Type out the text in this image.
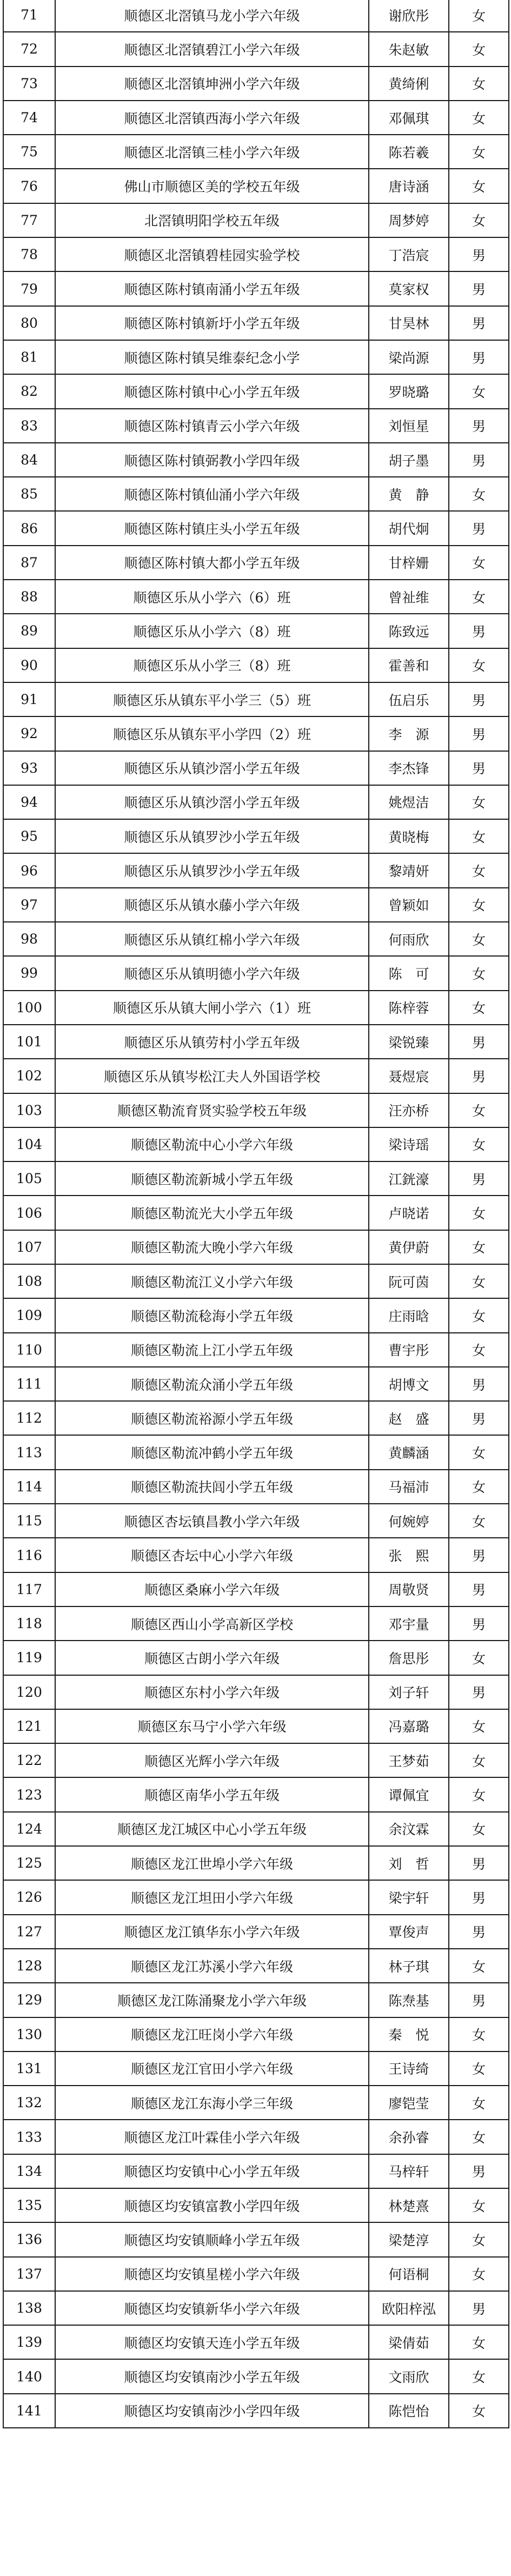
71	顺德区北滘镇马龙小学六年级	谢欣彤	女
72	顺德区北滘镇碧江小学六年级	朱赵敏	女
73	顺德区北滘镇坤洲小学六年级	黄绮俐	女
74	顺德区北滘镇西海小学六年级	邓佩琪	女
75	顺德区北滘镇三桂小学六年级	陈若羲	女
76	佛山市顺德区美的学校五年级	唐诗涵	女
77	北滘镇明阳学校五年级	周梦婷	女
78	顺德区北滘镇碧桂园实验学校	丁浩宸	男
79	顺德区陈村镇南涌小学五年级	莫家权	男
80	顺德区陈村镇新圩小学五年级	甘昊林	男
81	顺德区陈村镇吴维泰纪念小学	梁尚源	男
82	顺德区陈村镇中心小学五年级	罗晓璐	女
83	顺德区陈村镇青云小学六年级	刘恒星	男
84	顺德区陈村镇弼教小学四年级	胡子墨	男
85	顺德区陈村镇仙涌小学六年级	黄　静	女
86	顺德区陈村镇庄头小学五年级	胡代炯	男
87	顺德区陈村镇大都小学五年级	甘梓姗	女
88	顺德区乐从小学六（6）班	曾祉维	女
89	顺德区乐从小学六（8）班	陈致远	男
90	顺德区乐从小学三（8）班	霍善和	女
91	顺德区乐从镇东平小学三（5）班	伍启乐	男
92	顺德区乐从镇东平小学四（2）班	李　源	男
93	顺德区乐从镇沙滘小学五年级	李杰锋	男
94	顺德区乐从镇沙滘小学五年级	姚煜洁	女
95	顺德区乐从镇罗沙小学五年级	黄晓梅	女
96	顺德区乐从镇罗沙小学五年级	黎靖妍	女
97	顺德区乐从镇水藤小学六年级	曾颖如	女
98	顺德区乐从镇红棉小学六年级	何雨欣	女
99	顺德区乐从镇明德小学六年级	陈　可	女
100	顺德区乐从镇大闸小学六（1）班	陈梓蓉	女
101	顺德区乐从镇劳村小学五年级	梁锐臻	男
102	顺德区乐从镇岑松江夫人外国语学校	聂煜宸	男
103	顺德区勒流育贤实验学校五年级	汪亦桥	女
104	顺德区勒流中心小学六年级	梁诗瑶	女
105	顺德区勒流新城小学五年级	江銧濠	男
106	顺德区勒流光大小学五年级	卢晓诺	女
107	顺德区勒流大晚小学六年级	黄伊蔚	女
108	顺德区勒流江义小学六年级	阮可茵	女
109	顺德区勒流稔海小学五年级	庄雨晗	女
110	顺德区勒流上江小学五年级	曹宇彤	女
111	顺德区勒流众涌小学五年级	胡博文	男
112	顺德区勒流裕源小学五年级	赵　盛	男
113	顺德区勒流冲鹤小学五年级	黄麟涵	女
114	顺德区勒流扶闾小学五年级	马福沛	女
115	顺德区杏坛镇昌教小学六年级	何婉婷	女
116	顺德区杏坛中心小学六年级	张　熙	男
117	顺德区桑麻小学六年级	周敬贤	男
118	顺德区西山小学高新区学校	邓宇量	男
119	顺德区古朗小学六年级	詹思彤	女
120	顺德区东村小学六年级	刘子轩	男
121	顺德区东马宁小学六年级	冯嘉璐	女
122	顺德区光辉小学六年级	王梦茹	女
123	顺德区南华小学五年级	谭佩宜	女
124	顺德区龙江城区中心小学五年级	余汶霖	女
125	顺德区龙江世埠小学六年级	刘　哲	男
126	顺德区龙江坦田小学六年级	梁宇轩	男
127	顺德区龙江镇华东小学六年级	覃俊声	男
128	顺德区龙江苏溪小学六年级	林子琪	女
129	顺德区龙江陈涌聚龙小学六年级	陈焘基	男
130	顺德区龙江旺岗小学六年级	秦　悦	女
131	顺德区龙江官田小学六年级	王诗绮	女
132	顺德区龙江东海小学三年级	廖铠莹	女
133	顺德区龙江叶霖佳小学六年级	余孙睿	女
134	顺德区均安镇中心小学五年级	马梓轩	男
135	顺德区均安镇富教小学四年级	林楚熹	女
136	顺德区均安镇顺峰小学五年级	梁楚淳	女
137	顺德区均安镇星槎小学六年级	何语桐	女
138	顺德区均安镇新华小学六年级	欧阳梓泓	男
139	顺德区均安镇天连小学五年级	梁倩茹	女
140	顺德区均安镇南沙小学五年级	文雨欣	女
141	顺德区均安镇南沙小学四年级	陈恺怡	女
